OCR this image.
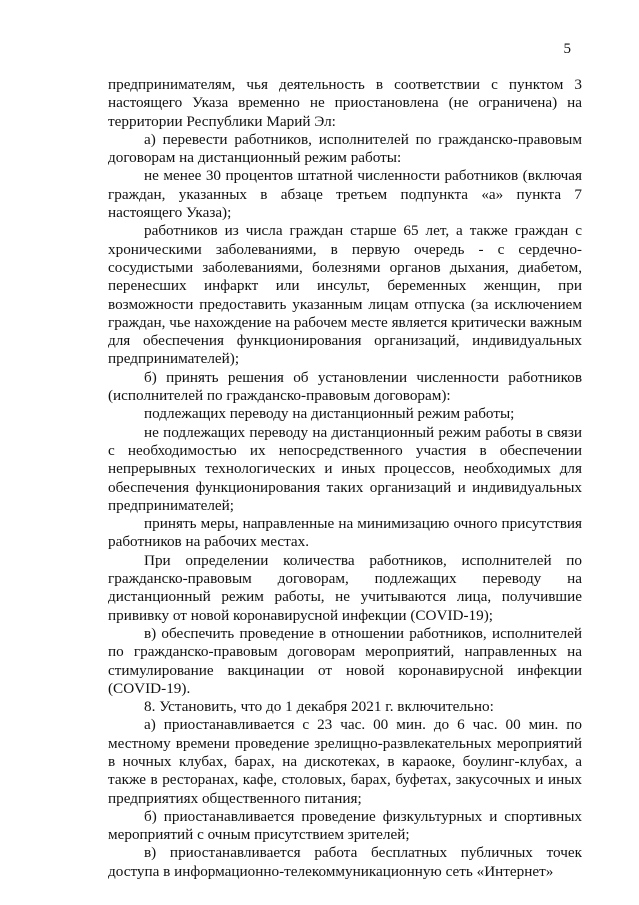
5

предпринимателям, чья деятельность в соответствии с пунктом 3 настоящего Указа временно не приостановлена (не ограничена) на территории Республики Марий Эл:

а) перевести работников, исполнителей по гражданско-правовым договорам на дистанционный режим работы:

не менее 30 процентов штатной численности работников (включая граждан, указанных в абзаце третьем подпункта «а» пункта 7 настоящего Указа);

работников из числа граждан старше 65 лет, а также граждан с хроническими заболеваниями, в первую очередь - с сердечно-сосудистыми заболеваниями, болезнями органов дыхания, диабетом, перенесших инфаркт или инсульт, беременных женщин, при возможности предоставить указанным лицам отпуска (за исключением граждан, чье нахождение на рабочем месте является критически важным для обеспечения функционирования организаций, индивидуальных предпринимателей);

б) принять решения об установлении численности работников (исполнителей по гражданско-правовым договорам):

подлежащих переводу на дистанционный режим работы;

не подлежащих переводу на дистанционный режим работы в связи с необходимостью их непосредственного участия в обеспечении непрерывных технологических и иных процессов, необходимых для обеспечения функционирования таких организаций и индивидуальных предпринимателей;

принять меры, направленные на минимизацию очного присутствия работников на рабочих местах.

При определении количества работников, исполнителей по гражданско-правовым договорам, подлежащих переводу на дистанционный режим работы, не учитываются лица, получившие прививку от новой коронавирусной инфекции (COVID-19);

в) обеспечить проведение в отношении работников, исполнителей по гражданско-правовым договорам мероприятий, направленных на стимулирование вакцинации от новой коронавирусной инфекции (COVID-19).

8. Установить, что до 1 декабря 2021 г. включительно:

а) приостанавливается с 23 час. 00 мин. до 6 час. 00 мин. по местному времени проведение зрелищно-развлекательных мероприятий в ночных клубах, барах, на дискотеках, в караоке, боулинг-клубах, а также в ресторанах, кафе, столовых, барах, буфетах, закусочных и иных предприятиях общественного питания;

б) приостанавливается проведение физкультурных и спортивных мероприятий с очным присутствием зрителей;

в) приостанавливается работа бесплатных публичных точек доступа в информационно-телекоммуникационную сеть «Интернет»
